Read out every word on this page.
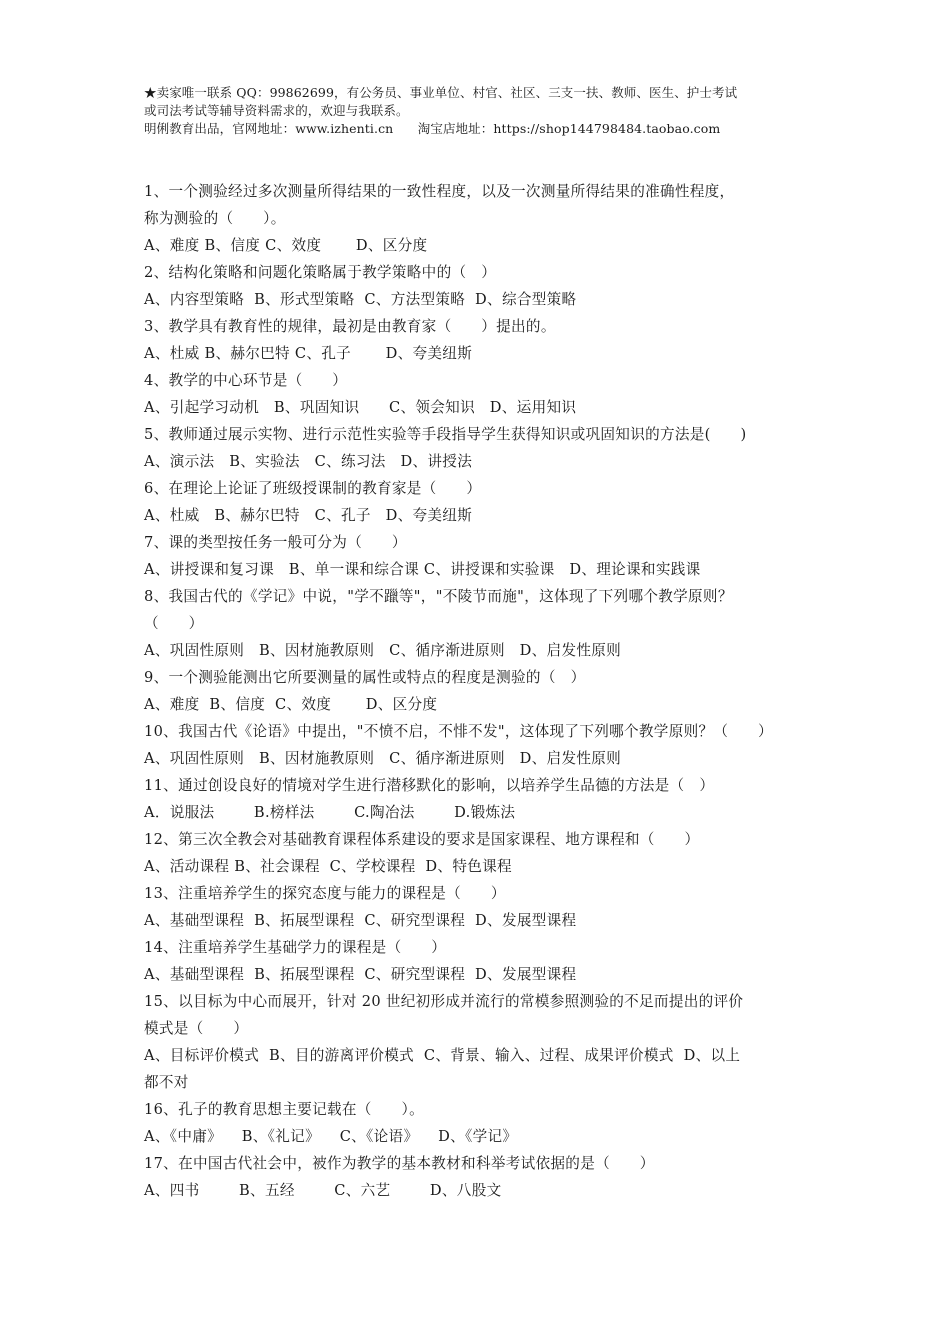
★卖家唯一联系 QQ：99862699，有公务员、事业单位、村官、社区、三支一扶、教师、医生、护士考试
或司法考试等辅导资料需求的，欢迎与我联系。
明俐教育出品，官网地址：www.izhenti.cn      淘宝店地址：https://shop144798484.taobao.com
1、一个测验经过多次测量所得结果的一致性程度，以及一次测量所得结果的准确性程度，
称为测验的（　　）。
A、难度 B、信度 C、效度       D、区分度
2、结构化策略和问题化策略属于教学策略中的（　）
A、内容型策略  B、形式型策略  C、方法型策略  D、综合型策略
3、教学具有教育性的规律，最初是由教育家（　　）提出的。
A、杜威 B、赫尔巴特 C、孔子       D、夸美纽斯
4、教学的中心环节是（　　）
A、引起学习动机   B、巩固知识      C、领会知识   D、运用知识
5、教师通过展示实物、进行示范性实验等手段指导学生获得知识或巩固知识的方法是(　　)
A、演示法   B、实验法   C、练习法   D、讲授法
6、在理论上论证了班级授课制的教育家是（　　）
A、杜威   B、赫尔巴特   C、孔子   D、夸美纽斯
7、课的类型按任务一般可分为（　　）
A、讲授课和复习课   B、单一课和综合课 C、讲授课和实验课   D、理论课和实践课
8、我国古代的《学记》中说，"学不躐等"，"不陵节而施"，这体现了下列哪个教学原则？
（　　）
A、巩固性原则   B、因材施教原则   C、循序渐进原则   D、启发性原则
9、一个测验能测出它所要测量的属性或特点的程度是测验的（　）
A、难度  B、信度  C、效度       D、区分度
10、我国古代《论语》中提出，"不愤不启，不悱不发"，这体现了下列哪个教学原则？（　　）
A、巩固性原则   B、因材施教原则   C、循序渐进原则   D、启发性原则
11、通过创设良好的情境对学生进行潜移默化的影响，以培养学生品德的方法是（　）
A．说服法        B.榜样法        C.陶冶法        D.锻炼法
12、第三次全教会对基础教育课程体系建设的要求是国家课程、地方课程和（　　）
A、活动课程 B、社会课程  C、学校课程  D、特色课程
13、注重培养学生的探究态度与能力的课程是（　　）
A、基础型课程  B、拓展型课程  C、研究型课程  D、发展型课程
14、注重培养学生基础学力的课程是（　　）
A、基础型课程  B、拓展型课程  C、研究型课程  D、发展型课程
15、以目标为中心而展开，针对 20 世纪初形成并流行的常模参照测验的不足而提出的评价
模式是（　　）
A、目标评价模式  B、目的游离评价模式  C、背景、输入、过程、成果评价模式  D、以上
都不对
16、孔子的教育思想主要记载在（　　）。
A、《中庸》    B、《礼记》    C、《论语》    D、《学记》
17、在中国古代社会中，被作为教学的基本教材和科举考试依据的是（　　）
A、四书        B、五经        C、六艺        D、八股文
